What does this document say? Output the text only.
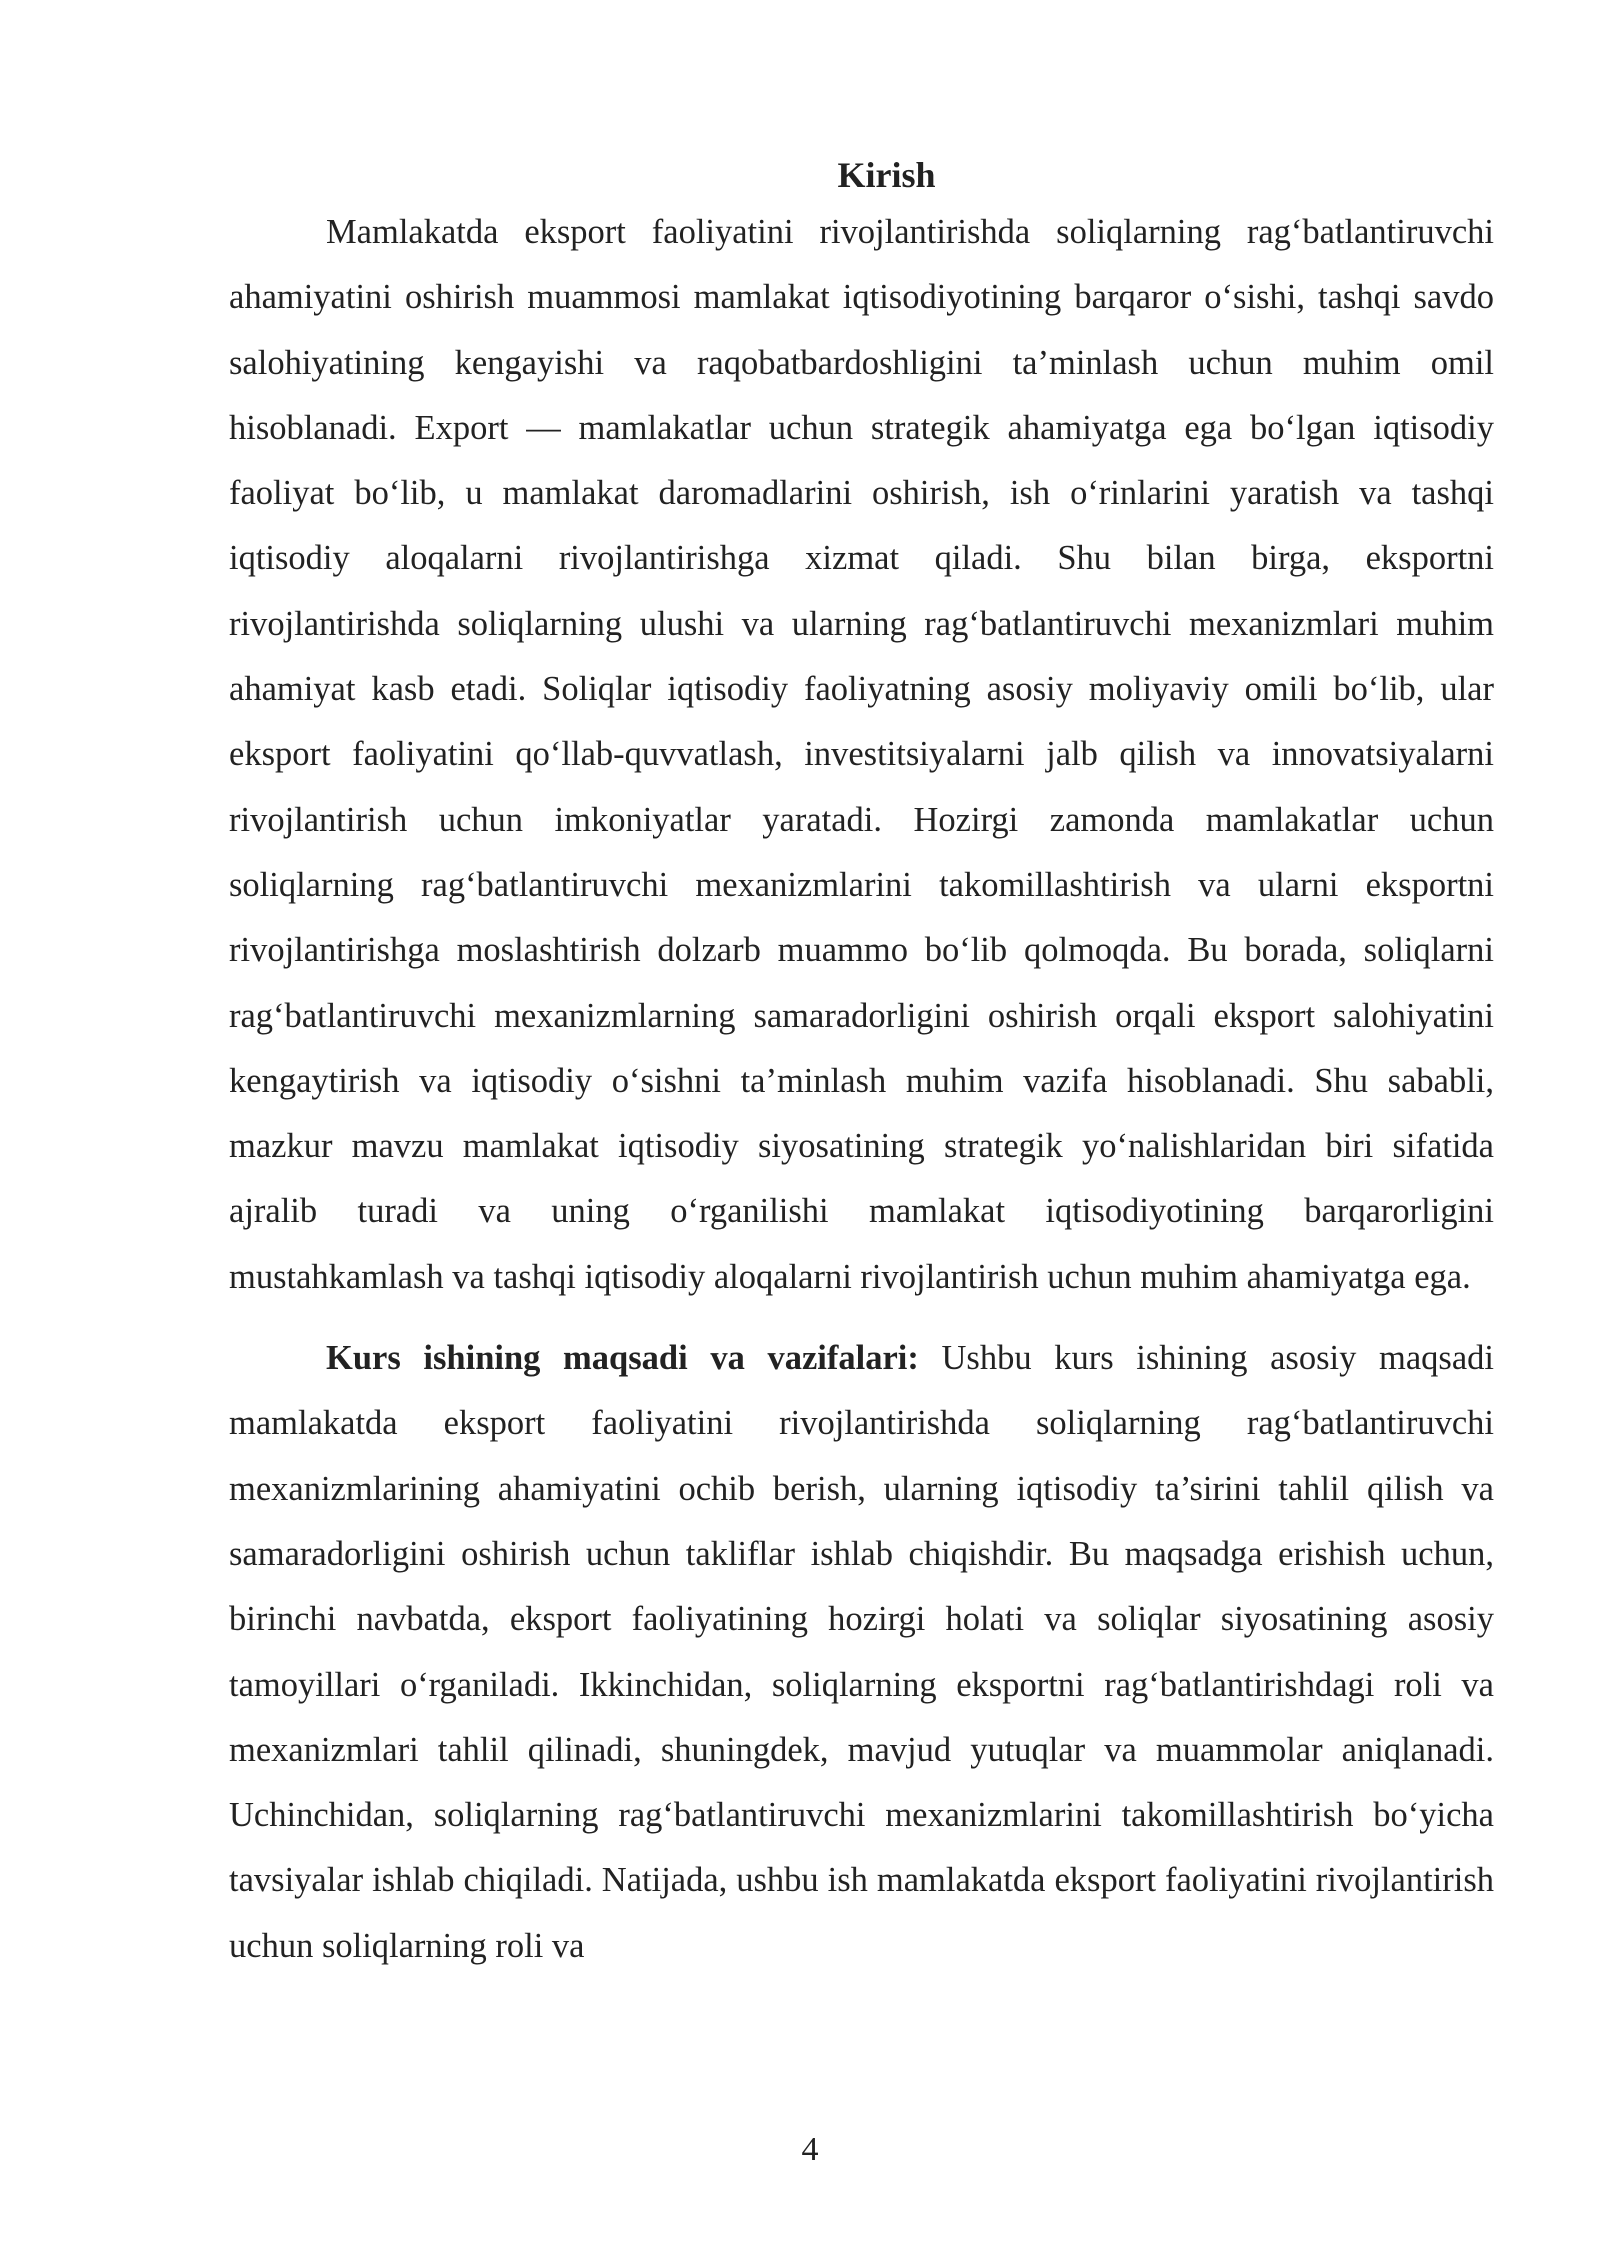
Kirish

Mamlakatda eksport faoliyatini rivojlantirishda soliqlarning rag‘batlantiruvchi ahamiyatini oshirish muammosi mamlakat iqtisodiyotining barqaror o‘sishi, tashqi savdo salohiyatining kengayishi va raqobatbardoshligini ta’minlash uchun muhim omil hisoblanadi. Export — mamlakatlar uchun strategik ahamiyatga ega bo‘lgan iqtisodiy faoliyat bo‘lib, u mamlakat daromadlarini oshirish, ish o‘rinlarini yaratish va tashqi iqtisodiy aloqalarni rivojlantirishga xizmat qiladi. Shu bilan birga, eksportni rivojlantirishda soliqlarning ulushi va ularning rag‘batlantiruvchi mexanizmlari muhim ahamiyat kasb etadi. Soliqlar iqtisodiy faoliyatning asosiy moliyaviy omili bo‘lib, ular eksport faoliyatini qo‘llab-quvvatlash, investitsiyalarni jalb qilish va innovatsiyalarni rivojlantirish uchun imkoniyatlar yaratadi. Hozirgi zamonda mamlakatlar uchun soliqlarning rag‘batlantiruvchi mexanizmlarini takomillashtirish va ularni eksportni rivojlantirishga moslashtirish dolzarb muammo bo‘lib qolmoqda. Bu borada, soliqlarni rag‘batlantiruvchi mexanizmlarning samaradorligini oshirish orqali eksport salohiyatini kengaytirish va iqtisodiy o‘sishni ta’minlash muhim vazifa hisoblanadi. Shu sababli, mazkur mavzu mamlakat iqtisodiy siyosatining strategik yo‘nalishlaridan biri sifatida ajralib turadi va uning o‘rganilishi mamlakat iqtisodiyotining barqarorligini mustahkamlash va tashqi iqtisodiy aloqalarni rivojlantirish uchun muhim ahamiyatga ega.

Kurs ishining maqsadi va vazifalari: Ushbu kurs ishining asosiy maqsadi mamlakatda eksport faoliyatini rivojlantirishda soliqlarning rag‘batlantiruvchi mexanizmlarining ahamiyatini ochib berish, ularning iqtisodiy ta’sirini tahlil qilish va samaradorligini oshirish uchun takliflar ishlab chiqishdir. Bu maqsadga erishish uchun, birinchi navbatda, eksport faoliyatining hozirgi holati va soliqlar siyosatining asosiy tamoyillari o‘rganiladi. Ikkinchidan, soliqlarning eksportni rag‘batlantirishdagi roli va mexanizmlari tahlil qilinadi, shuningdek, mavjud yutuqlar va muammolar aniqlanadi. Uchinchidan, soliqlarning rag‘batlantiruvchi mexanizmlarini takomillashtirish bo‘yicha tavsiyalar ishlab chiqiladi. Natijada, ushbu ish mamlakatda eksport faoliyatini rivojlantirish uchun soliqlarning roli va

4
